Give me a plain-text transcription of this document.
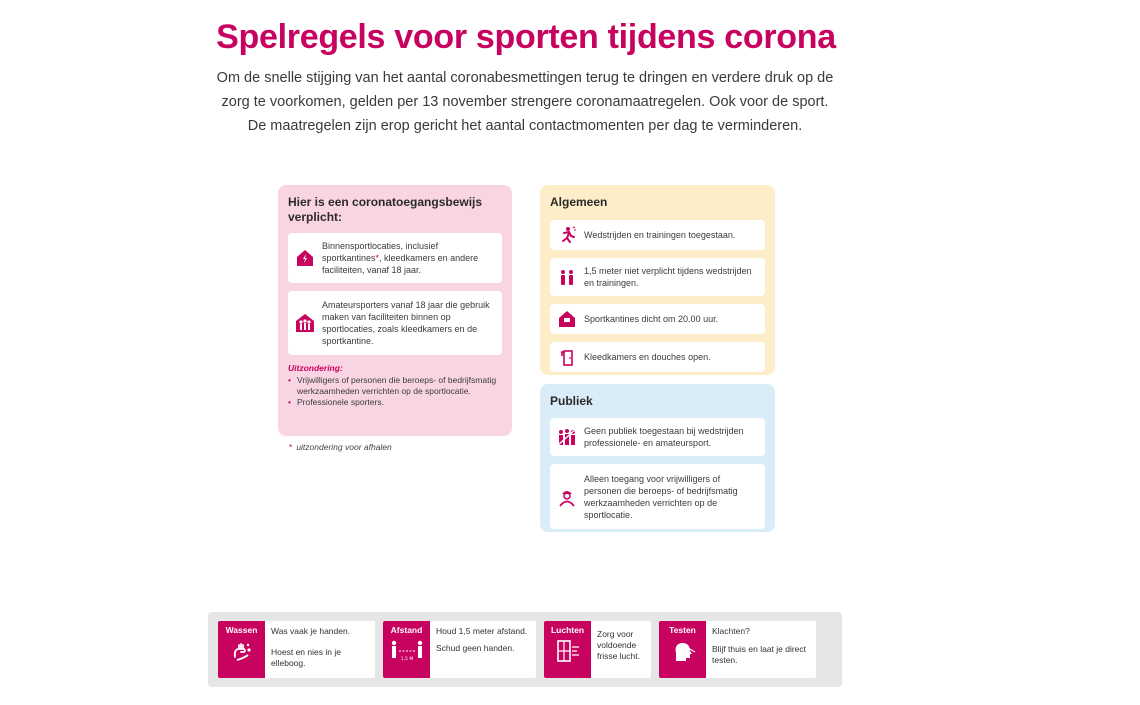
Spelregels voor sporten tijdens corona
Om de snelle stijging van het aantal coronabesmettingen terug te dringen en verdere druk op de
zorg te voorkomen, gelden per 13 november strengere coronamaatregelen. Ook voor de sport.
De maatregelen zijn erop gericht het aantal contactmomenten per dag te verminderen.
Hier is een coronatoegangsbewijs verplicht:
Binnensportlocaties, inclusief sportkantines*, kleedkamers en andere faciliteiten, vanaf 18 jaar.
Amateursporters vanaf 18 jaar die gebruik maken van faciliteiten binnen op sportlocaties, zoals kleedkamers en de sportkantine.
Uitzondering:
• Vrijwilligers of personen die beroeps- of bedrijfsmatig werkzaamheden verrichten op de sportlocatie.
• Professionele sporters.
* uitzondering voor afhalen
Algemeen
Wedstrijden en trainingen toegestaan.
1,5 meter niet verplicht tijdens wedstrijden en trainingen.
Sportkantines dicht om 20.00 uur.
Kleedkamers en douches open.
Publiek
Geen publiek toegestaan bij wedstrijden professionele- en amateursport.
Alleen toegang voor vrijwilligers of personen die beroeps- of bedrijfsmatig werkzaamheden verrichten op de sportlocatie.
Wassen Was vaak je handen.

Hoest en nies in je elleboog.

Afstand
1,5 M

Houd 1,5 meter afstand.

Schud geen handen.

Luchten Zorg voor voldoende frisse lucht.

Testen Klachten?

Blijf thuis en laat je direct testen.
